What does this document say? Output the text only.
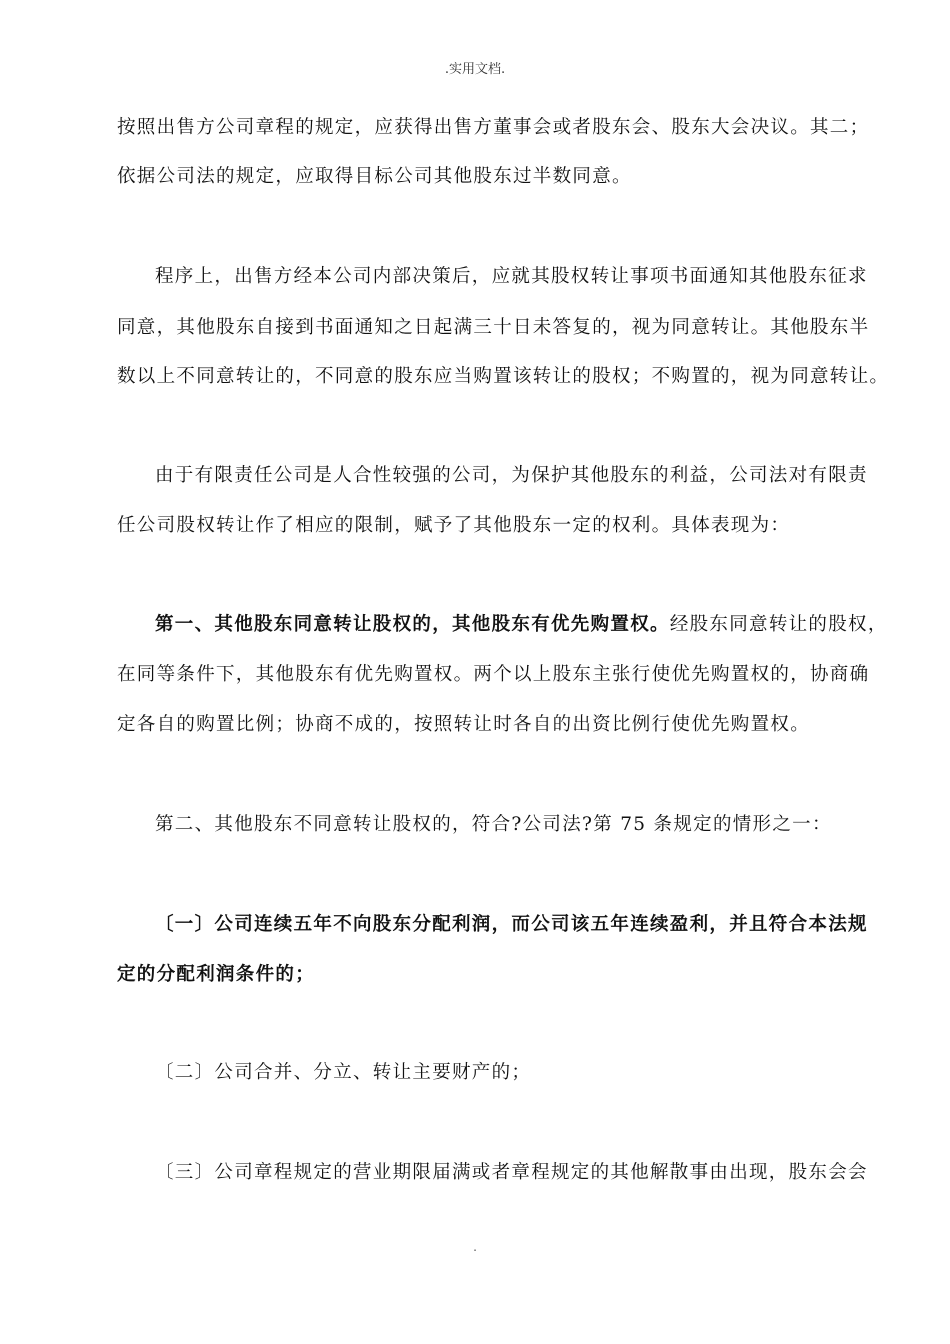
.实用文档.
按照出售方公司章程的规定，应获得出售方董事会或者股东会、股东大会决议。其二；
依据公司法的规定，应取得目标公司其他股东过半数同意。
程序上，出售方经本公司内部决策后，应就其股权转让事项书面通知其他股东征求
同意，其他股东自接到书面通知之日起满三十日未答复的，视为同意转让。其他股东半
数以上不同意转让的，不同意的股东应当购置该转让的股权；不购置的，视为同意转让。
由于有限责任公司是人合性较强的公司，为保护其他股东的利益，公司法对有限责
任公司股权转让作了相应的限制，赋予了其他股东一定的权利。具体表现为：
第一、其他股东同意转让股权的，其他股东有优先购置权。经股东同意转让的股权，
在同等条件下，其他股东有优先购置权。两个以上股东主张行使优先购置权的，协商确
定各自的购置比例；协商不成的，按照转让时各自的出资比例行使优先购置权。
第二、其他股东不同意转让股权的，符合?公司法?第 75 条规定的情形之一：
〔一〕公司连续五年不向股东分配利润，而公司该五年连续盈利，并且符合本法规
定的分配利润条件的；
〔二〕公司合并、分立、转让主要财产的；
〔三〕公司章程规定的营业期限届满或者章程规定的其他解散事由出现，股东会会
.
